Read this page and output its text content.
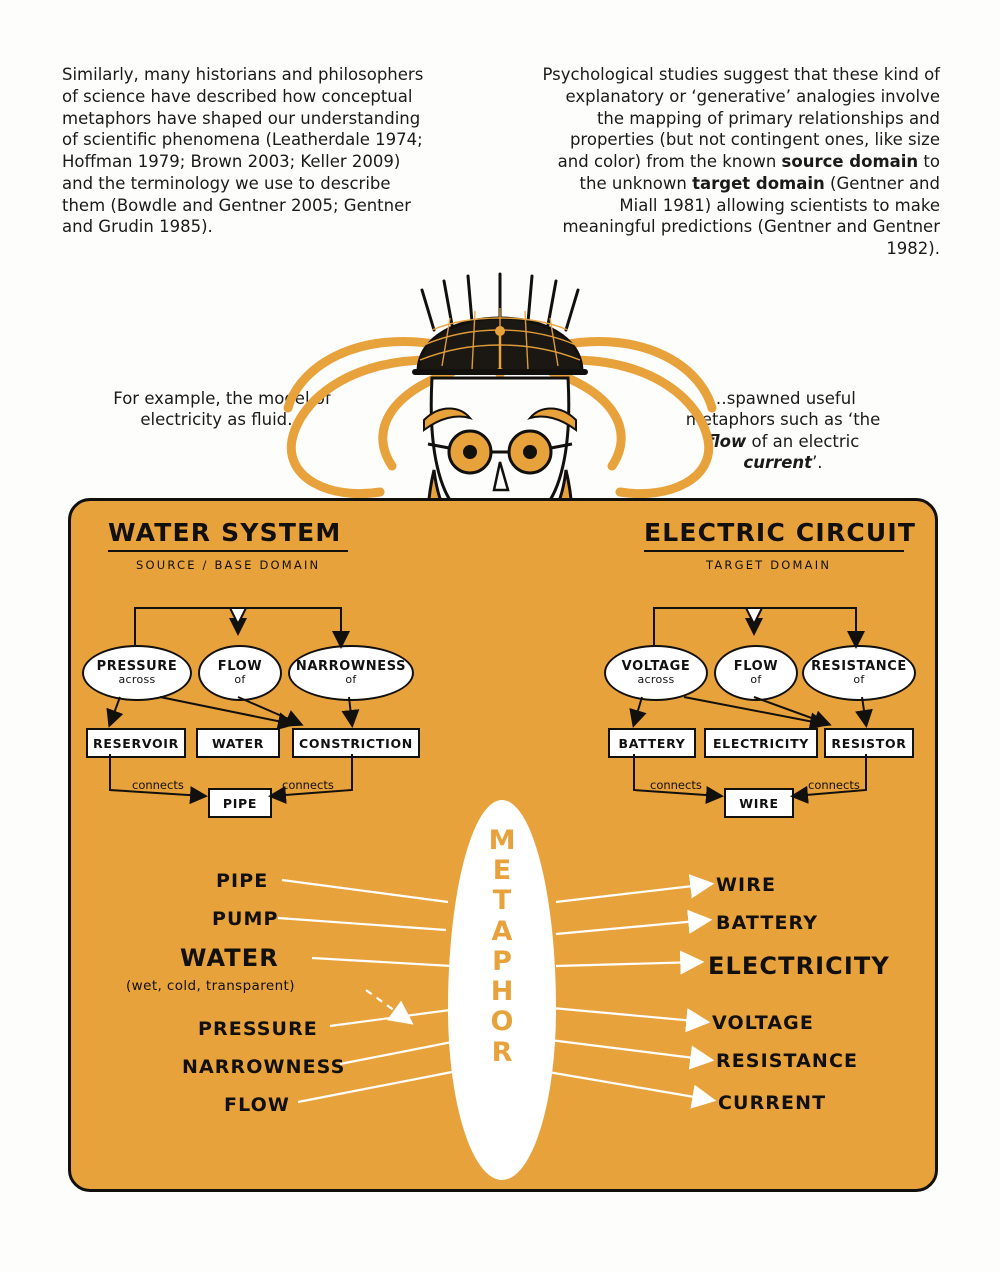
Similarly, many historians and philosophers of science have described how conceptual metaphors have shaped our understanding of scientific phenomena (Leatherdale 1974; Hoffman 1979; Brown 2003; Keller 2009) and the terminology we use to describe them (Bowdle and Gentner 2005; Gentner and Grudin 1985).
Psychological studies suggest that these kind of explanatory or ‘generative’ analogies involve the mapping of primary relationships and properties (but not contingent ones, like size and color) from the known source domain to the unknown target domain (Gentner and Miall 1981) allowing scientists to make meaningful predictions (Gentner and Gentner 1982).
For example, the model of electricity as fluid…
…spawned useful metaphors such as ‘the flow of an electric current’.
WATER SYSTEM
SOURCE / BASE DOMAIN
ELECTRIC CIRCUIT
TARGET DOMAIN
PRESSURE
across
FLOW
of
NARROWNESS
of
RESERVOIR	WATER	CONSTRICTION
PIPE
connects	connects
VOLTAGE
across
FLOW
of
RESISTANCE
of
BATTERY	ELECTRICITY	RESISTOR
WIRE
connects	connects
M
E
T
A
P
H
O
R
PIPE
PUMP
WATER
(wet, cold, transparent)
PRESSURE
NARROWNESS
FLOW
WIRE
BATTERY
ELECTRICITY
VOLTAGE
RESISTANCE
CURRENT
